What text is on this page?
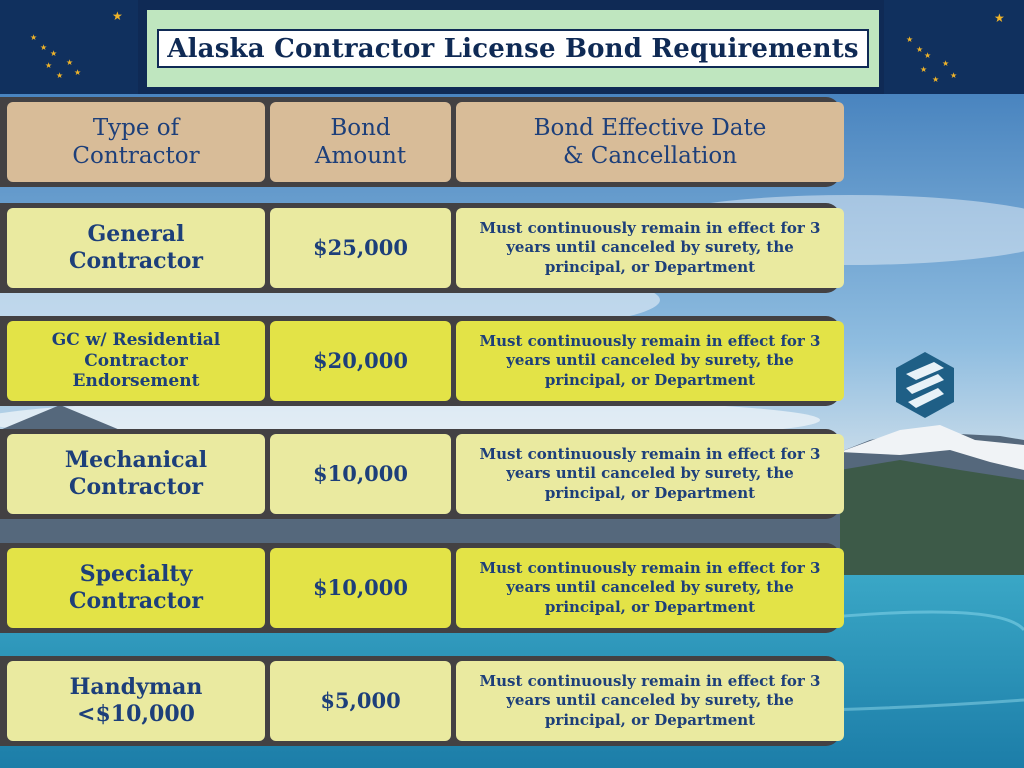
★
★
★
★
★ ★
★
★
★
★
★
★
★
★
★
★
Alaska Contractor License Bond Requirements
Type of Contractor
Bond Amount
Bond Effective Date & Cancellation
General Contractor
$25,000
Must continuously remain in effect for 3 years until canceled by surety, the principal, or Department
GC w/ Residential Contractor Endorsement
$20,000
Must continuously remain in effect for 3 years until canceled by surety, the principal, or Department
Mechanical Contractor
$10,000
Must continuously remain in effect for 3 years until canceled by surety, the principal, or Department
Specialty Contractor
$10,000
Must continuously remain in effect for 3 years until canceled by surety, the principal, or Department
Handyman <$10,000
$5,000
Must continuously remain in effect for 3 years until canceled by surety, the principal, or Department
